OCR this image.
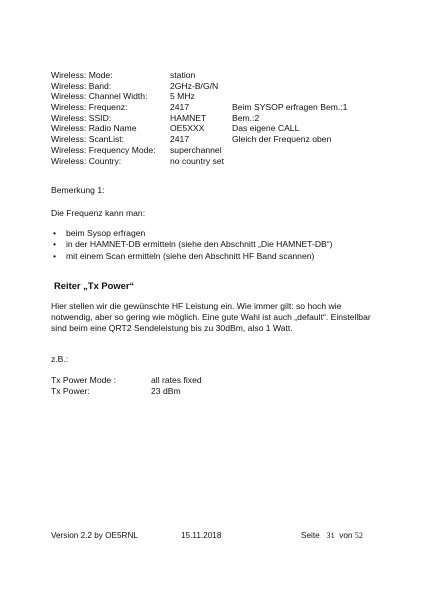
Wireless: Mode:	station
Wireless: Band:	2GHz-B/G/N
Wireless: Channel Width:	5 MHz
Wireless: Frequenz:	2417	Beim SYSOP erfragen Bem.:1
Wireless: SSID:	HAMNET	Bem.:2
Wireless: Radio Name	OE5XXX	Das eigene CALL
Wireless: ScanList:	2417	Gleich der Frequenz oben
Wireless: Frequency Mode: superchannel
Wireless: Country:	no country set
Bemerkung 1:
Die Frequenz kann man:
• beim Sysop erfragen
• in der HAMNET-DB ermitteln (siehe den Abschnitt „Die HAMNET-DB“)
• mit einem Scan ermitteln (siehe den Abschnitt HF Band scannen)
Reiter „Tx Power“
Hier stellen wir die gewünschte HF Leistung ein. Wie immer gilt: so hoch wie notwendig, aber so gering wie möglich. Eine gute Wahl ist auch „default“. Einstellbar sind beim eine QRT2 Sendeleistung bis zu 30dBm, also 1 Watt.
z.B.:
Tx Power Mode :	all rates fixed
Tx Power:	23 dBm
Version 2.2 by OE5RNL	15.11.2018	Seite 31 von 52
